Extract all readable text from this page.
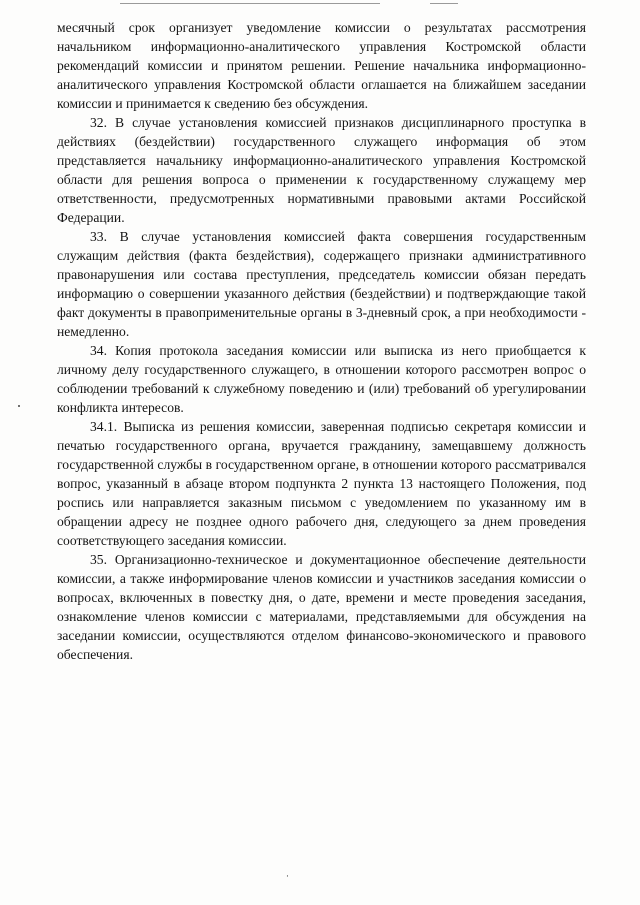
месячный срок организует уведомление комиссии о результатах рассмотрения начальником информационно-аналитического управления Костромской области рекомендаций комиссии и принятом решении. Решение начальника информационно-аналитического управления Костромской области оглашается на ближайшем заседании комиссии и принимается к сведению без обсуждения.

32. В случае установления комиссией признаков дисциплинарного проступка в действиях (бездействии) государственного служащего информация об этом представляется начальнику информационно-аналитического управления Костромской области для решения вопроса о применении к государственному служащему мер ответственности, предусмотренных нормативными правовыми актами Российской Федерации.

33. В случае установления комиссией факта совершения государственным служащим действия (факта бездействия), содержащего признаки административного правонарушения или состава преступления, председатель комиссии обязан передать информацию о совершении указанного действия (бездействии) и подтверждающие такой факт документы в правоприменительные органы в 3-дневный срок, а при необходимости - немедленно.

34. Копия протокола заседания комиссии или выписка из него приобщается к личному делу государственного служащего, в отношении которого рассмотрен вопрос о соблюдении требований к служебному поведению и (или) требований об урегулировании конфликта интересов.

34.1. Выписка из решения комиссии, заверенная подписью секретаря комиссии и печатью государственного органа, вручается гражданину, замещавшему должность государственной службы в государственном органе, в отношении которого рассматривался вопрос, указанный в абзаце втором подпункта 2 пункта 13 настоящего Положения, под роспись или направляется заказным письмом с уведомлением по указанному им в обращении адресу не позднее одного рабочего дня, следующего за днем проведения соответствующего заседания комиссии.

35. Организационно-техническое и документационное обеспечение деятельности комиссии, а также информирование членов комиссии и участников заседания комиссии о вопросах, включенных в повестку дня, о дате, времени и месте проведения заседания, ознакомление членов комиссии с материалами, представляемыми для обсуждения на заседании комиссии, осуществляются отделом финансово-экономического и правового обеспечения.

·
